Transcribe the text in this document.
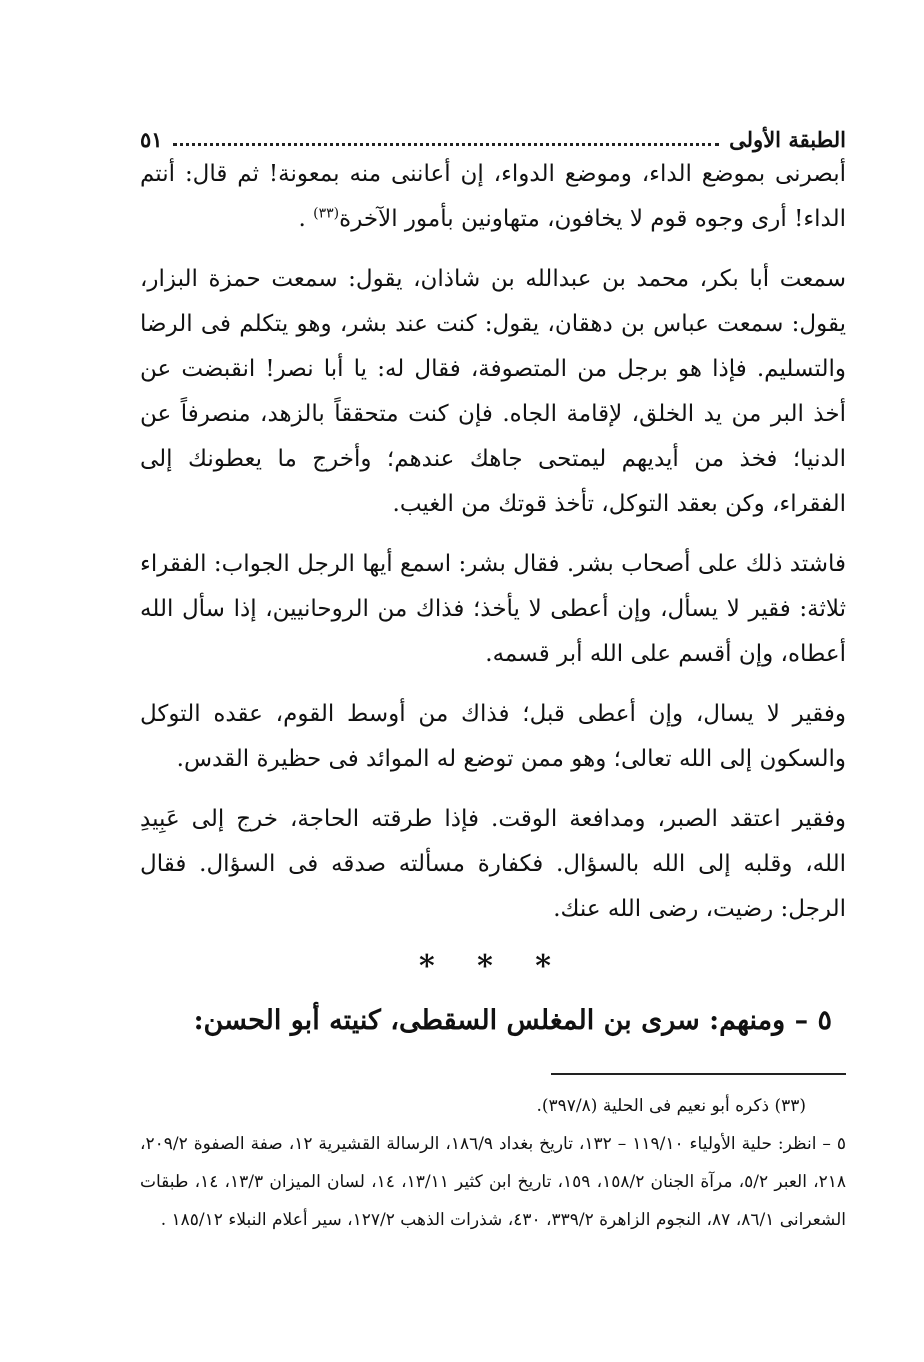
الطبقة الأولى
٥١

أبصرنى بموضع الداء، وموضع الدواء، إن أعاننى منه بمعونة! ثم قال: أنتم الداء! أرى وجوه قوم لا يخافون، متهاونين بأمور الآخرة$^{(٣٣)}$ .

سمعت أبا بكر، محمد بن عبدالله بن شاذان، يقول: سمعت حمزة البزار، يقول: سمعت عباس بن دهقان، يقول: كنت عند بشر، وهو يتكلم فى الرضا والتسليم. فإذا هو برجل من المتصوفة، فقال له: يا أبا نصر! انقبضت عن أخذ البر من يد الخلق، لإقامة الجاه. فإن كنت متحققاً بالزهد، منصرفاً عن الدنيا؛ فخذ من أيديهم ليمتحى جاهك عندهم؛ وأخرج ما يعطونك إلى الفقراء، وكن بعقد التوكل، تأخذ قوتك من الغيب.

فاشتد ذلك على أصحاب بشر. فقال بشر: اسمع أيها الرجل الجواب: الفقراء ثلاثة: فقير لا يسأل، وإن أعطى لا يأخذ؛ فذاك من الروحانيين، إذا سأل الله أعطاه، وإن أقسم على الله أبر قسمه.

وفقير لا يسال، وإن أعطى قبل؛ فذاك من أوسط القوم، عقده التوكل والسكون إلى الله تعالى؛ وهو ممن توضع له الموائد فى حظيرة القدس.

وفقير اعتقد الصبر، ومدافعة الوقت. فإذا طرقته الحاجة، خرج إلى عَبِيدِ الله، وقلبه إلى الله بالسؤال. فكفارة مسألته صدقه فى السؤال. فقال الرجل: رضيت، رضى الله عنك.

* * *
٥ – ومنهم: سرى بن المغلس السقطى، كنيته أبو الحسن:

(٣٣) ذكره أبو نعيم فى الحلية (٣٩٧/٨).

٥ – انظر: حلية الأولياء ١١٩/١٠ – ١٣٢، تاريخ بغداد ١٨٦/٩، الرسالة القشيرية ١٢، صفة الصفوة ٢٠٩/٢، ٢١٨، العبر ٥/٢، مرآة الجنان ١٥٨/٢، ١٥٩، تاريخ ابن كثير ١٣/١١، ١٤، لسان الميزان ١٣/٣، ١٤، طبقات الشعرانى ٨٦/١، ٨٧، النجوم الزاهرة ٣٣٩/٢، ٤٣٠، شذرات الذهب ١٢٧/٢، سير أعلام النبلاء ١٨٥/١٢ .
